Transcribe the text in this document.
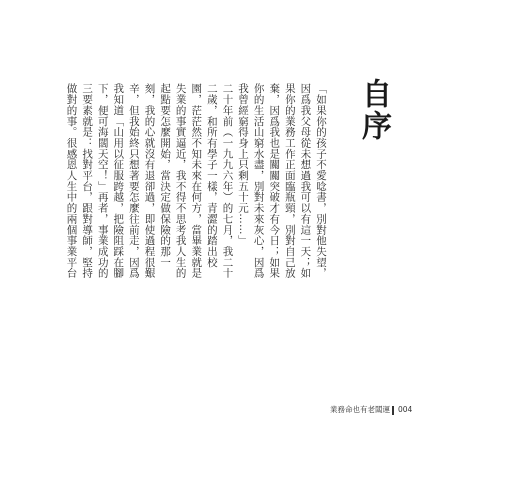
自序

「如果你的孩子不愛唸書，別對他失望，因爲我父母從未想過我可以有這一天；如果你的業務工作正面臨瓶頸，別對自己放棄，因爲我也是關關突破才有今日；如果你的生活山窮水盡，別對未來灰心，因爲我曾經窮得身上只剩五十元……」

二十年前（一九九六年）的七月，我二十二歲，和所有學子一樣，青澀的踏出校園，茫茫然不知未來在何方，當畢業就是失業的事實逼近，我不得不思考我人生的起點要怎麼開始，當決定做保險的那一刻，我的心就沒有退卻過，即使過程很艱辛，但我始終只想著要怎麼往前走，因爲我知道「山用以征服跨越，把險阻踩在腳下，便可海闊天空！」再者，事業成功的三要素就是：找對平台，跟對導師，堅持做對的事。很感恩人生中的兩個事業平台

業務命也有老闆運 004
